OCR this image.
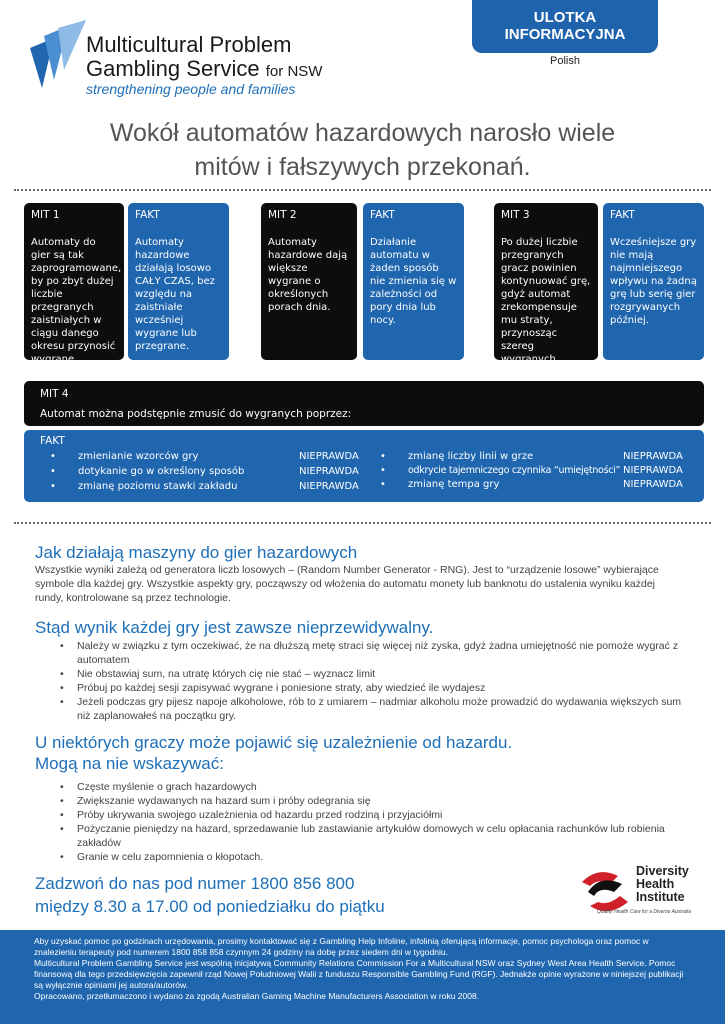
Multicultural Problem
Gambling Service for NSW
strengthening people and families
ULOTKA
INFORMACYJNA
Polish
Wokół automatów hazardowych narosło wiele
mitów i fałszywych przekonań.
MIT 1
Automaty do gier są tak zaprogramowane, by po zbyt dużej liczbie przegranych zaistniałych w ciągu danego okresu przynosić wygrane.
FAKT
Automaty hazardowe działają losowo CAŁY CZAS, bez względu na zaistniałe wcześniej wygrane lub przegrane.
MIT 2
Automaty hazardowe dają większe wygrane o określonych porach dnia.
FAKT
Działanie automatu w żaden sposób nie zmienia się w zależności od pory dnia lub nocy.
MIT 3
Po dużej liczbie przegranych gracz powinien kontynuować grę, gdyż automat zrekompensuje mu straty, przynosząc szereg wygranych.
FAKT
Wcześniejsze gry nie mają najmniejszego wpływu na żadną grę lub serię gier rozgrywanych później.
MIT 4
Automat można podstępnie zmusić do wygranych poprzez:
FAKT
• zmienianie wzorców gry	NIEPRAWDA
• dotykanie go w określony sposób	NIEPRAWDA
• zmianę poziomu stawki zakładu	NIEPRAWDA
• zmianę liczby linii w grze	NIEPRAWDA
• odkrycie tajemniczego czynnika “umiejętności” NIEPRAWDA
• zmianę tempa gry	NIEPRAWDA
Jak działają maszyny do gier hazardowych
Wszystkie wyniki zależą od generatora liczb losowych – (Random Number Generator - RNG). Jest to “urządzenie losowe” wybierające symbole dla każdej gry. Wszystkie aspekty gry, począwszy od włożenia do automatu monety lub banknotu do ustalenia wyniku każdej rundy, kontrolowane są przez technologie.
Stąd wynik każdej gry jest zawsze nieprzewidywalny.
• Należy w związku z tym oczekiwać, że na dłuższą metę straci się więcej niż zyska, gdyż żadna umiejętność nie pomoże wygrać z automatem
• Nie obstawiaj sum, na utratę których cię nie stać – wyznacz limit
• Próbuj po każdej sesji zapisywać wygrane i poniesione straty, aby wiedzieć ile wydajesz
• Jeżeli podczas gry pijesz napoje alkoholowe, rób to z umiarem – nadmiar alkoholu może prowadzić do wydawania większych sum niż zaplanowałeś na początku gry.
U niektórych graczy może pojawić się uzależnienie od hazardu.
Mogą na nie wskazywać:
• Częste myślenie o grach hazardowych
• Zwiększanie wydawanych na hazard sum i próby odegrania się
• Próby ukrywania swojego uzależnienia od hazardu przed rodziną i przyjaciółmi
• Pożyczanie pieniędzy na hazard, sprzedawanie lub zastawianie artykułów domowych w celu opłacania rachunków lub robienia zakładów
• Granie w celu zapomnienia o kłopotach.
Zadzwoń do nas pod numer 1800 856 800
między 8.30 a 17.00 od poniedziałku do piątku
Diversity
Health
Institute
Quality Health Care for a Diverse Australia

Aby uzyskać pomoc po godzinach urzędowania, prosimy kontaktować się z Gambling Help Infoline, infolinią oferującą informacje, pomoc psychologa oraz pomoc w znalezieniu terapeuty pod numerem 1800 858 858 czynnym 24 godziny na dobę przez siedem dni w tygodniu.

Multicultural Problem Gambling Service jest wspólną inicjatywą Community Relations Commission For a Multicultural NSW oraz Sydney West Area Health Service. Pomoc finansową dla tego przedsięwzięcia zapewnił rząd Nowej Południowej Walii z funduszu Responsible Gambling Fund (RGF). Jednakże opinie wyrażone w niniejszej publikacji są wyłącznie opiniami jej autora/autorów.

Opracowano, przetłumaczono i wydano za zgodą Australian Gaming Machine Manufacturers Association w roku 2008.
